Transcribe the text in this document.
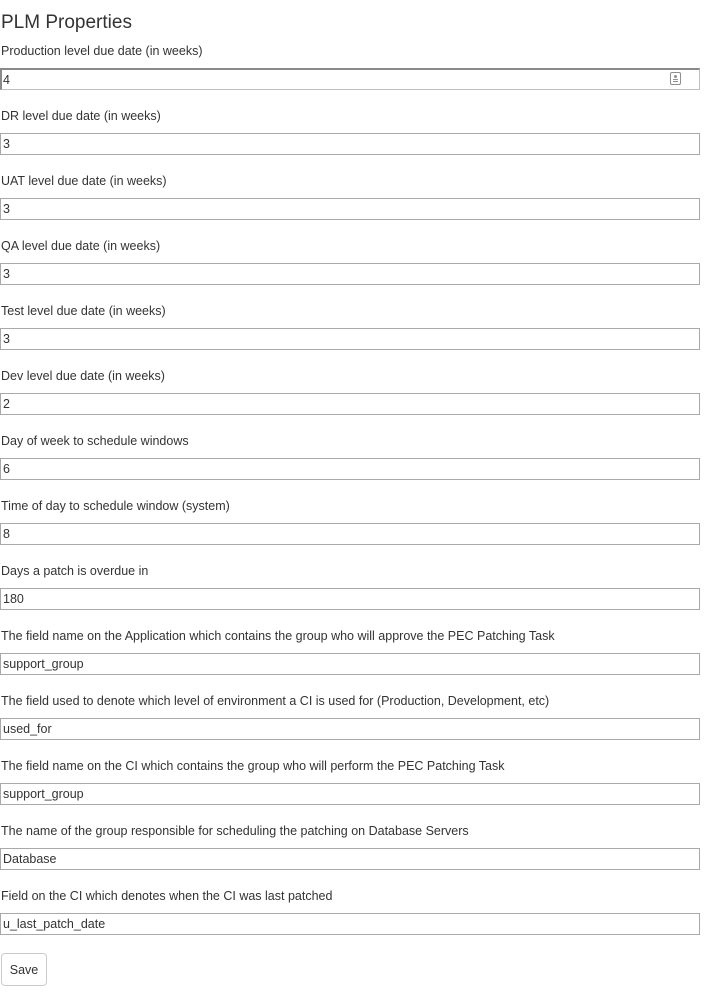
PLM Properties
Production level due date (in weeks)
4
DR level due date (in weeks)
3
UAT level due date (in weeks)
3
QA level due date (in weeks)
3
Test level due date (in weeks)
3
Dev level due date (in weeks)
2
Day of week to schedule windows
6
Time of day to schedule window (system)
8
Days a patch is overdue in
180
The field name on the Application which contains the group who will approve the PEC Patching Task
support_group
The field used to denote which level of environment a CI is used for (Production, Development, etc)
used_for
The field name on the CI which contains the group who will perform the PEC Patching Task
support_group
The name of the group responsible for scheduling the patching on Database Servers
Database
Field on the CI which denotes when the CI was last patched
u_last_patch_date
Save
